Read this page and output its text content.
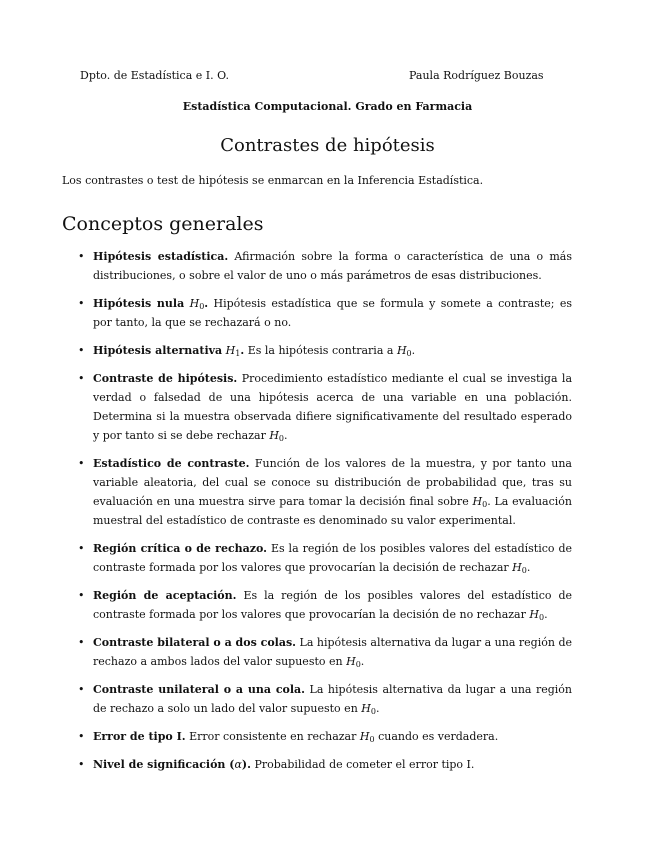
Dpto. de Estadística e I. O.	Paula Rodríguez Bouzas
Estadística Computacional. Grado en Farmacia
Contrastes de hipótesis
Los contrastes o test de hipótesis se enmarcan en la Inferencia Estadística.
Conceptos generales
• Hipótesis estadística. Afirmación sobre la forma o característica de una o más distribuciones, o sobre el valor de uno o más parámetros de esas distribuciones.
• Hipótesis nula $H_0$. Hipótesis estadística que se formula y somete a contraste; es por tanto, la que se rechazará o no.
• Hipótesis alternativa $H_1$. Es la hipótesis contraria a $H_0$.
• Contraste de hipótesis. Procedimiento estadístico mediante el cual se investiga la verdad o falsedad de una hipótesis acerca de una variable en una población. Determina si la muestra observada difiere significativamente del resultado esperado y por tanto si se debe rechazar $H_0$.
• Estadístico de contraste. Función de los valores de la muestra, y por tanto una variable aleatoria, del cual se conoce su distribución de probabilidad que, tras su evaluación en una muestra sirve para tomar la decisión final sobre $H_0$. La evaluación muestral del estadístico de contraste es denominado su valor experimental.
• Región crítica o de rechazo. Es la región de los posibles valores del estadístico de contraste formada por los valores que provocarían la decisión de rechazar $H_0$.
• Región de aceptación. Es la región de los posibles valores del estadístico de contraste formada por los valores que provocarían la decisión de no rechazar $H_0$.
• Contraste bilateral o a dos colas. La hipótesis alternativa da lugar a una región de rechazo a ambos lados del valor supuesto en $H_0$.
• Contraste unilateral o a una cola. La hipótesis alternativa da lugar a una región de rechazo a solo un lado del valor supuesto en $H_0$.
• Error de tipo I. Error consistente en rechazar $H_0$ cuando es verdadera.
• Nivel de significación (α). Probabilidad de cometer el error tipo I.
